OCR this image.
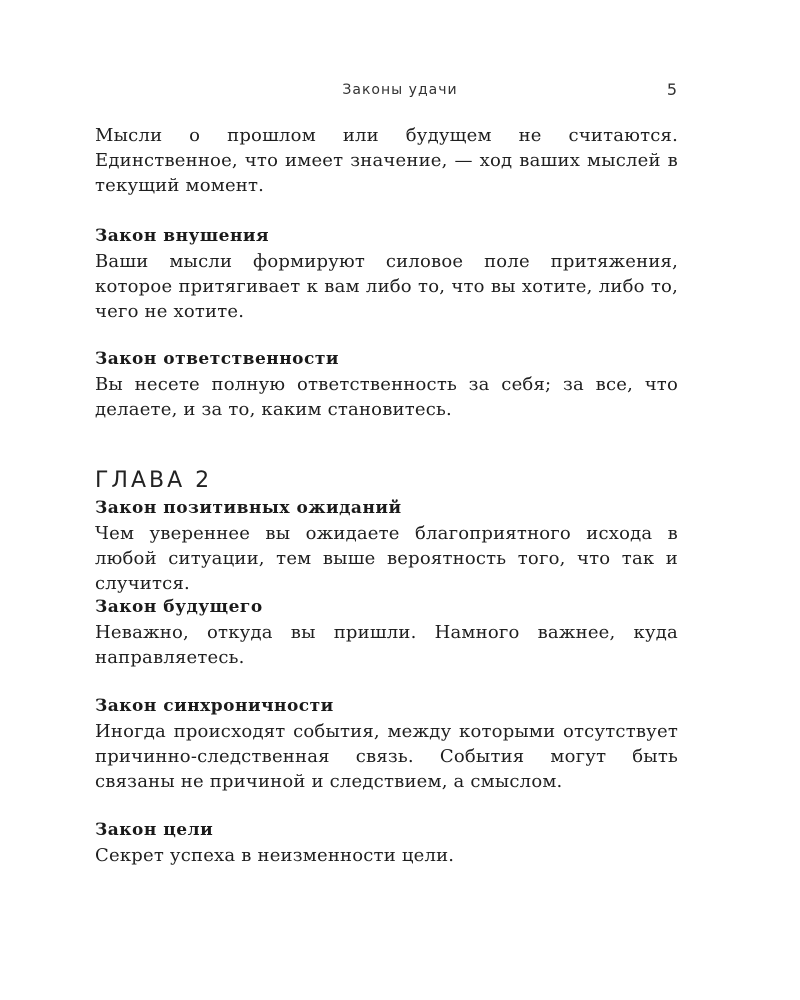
Законы удачи	5
Мысли о прошлом или будущем не считаются. Единственное, что имеет значение, — ход ваших мыслей в текущий момент.
Закон внушения
Ваши мысли формируют силовое поле притяжения, которое притягивает к вам либо то, что вы хотите, либо то, чего не хотите.
Закон ответственности
Вы несете полную ответственность за себя; за все, что делаете, и за то, каким становитесь.
ГЛАВА 2
Закон позитивных ожиданий
Чем увереннее вы ожидаете благоприятного исхода в любой ситуации, тем выше вероятность того, что так и случится.
Закон будущего
Неважно, откуда вы пришли. Намного важнее, куда направляетесь.
Закон синхроничности
Иногда происходят события, между которыми отсутствует причинно-следственная связь. События могут быть связаны не причиной и следствием, а смыслом.
Закон цели
Секрет успеха в неизменности цели.
